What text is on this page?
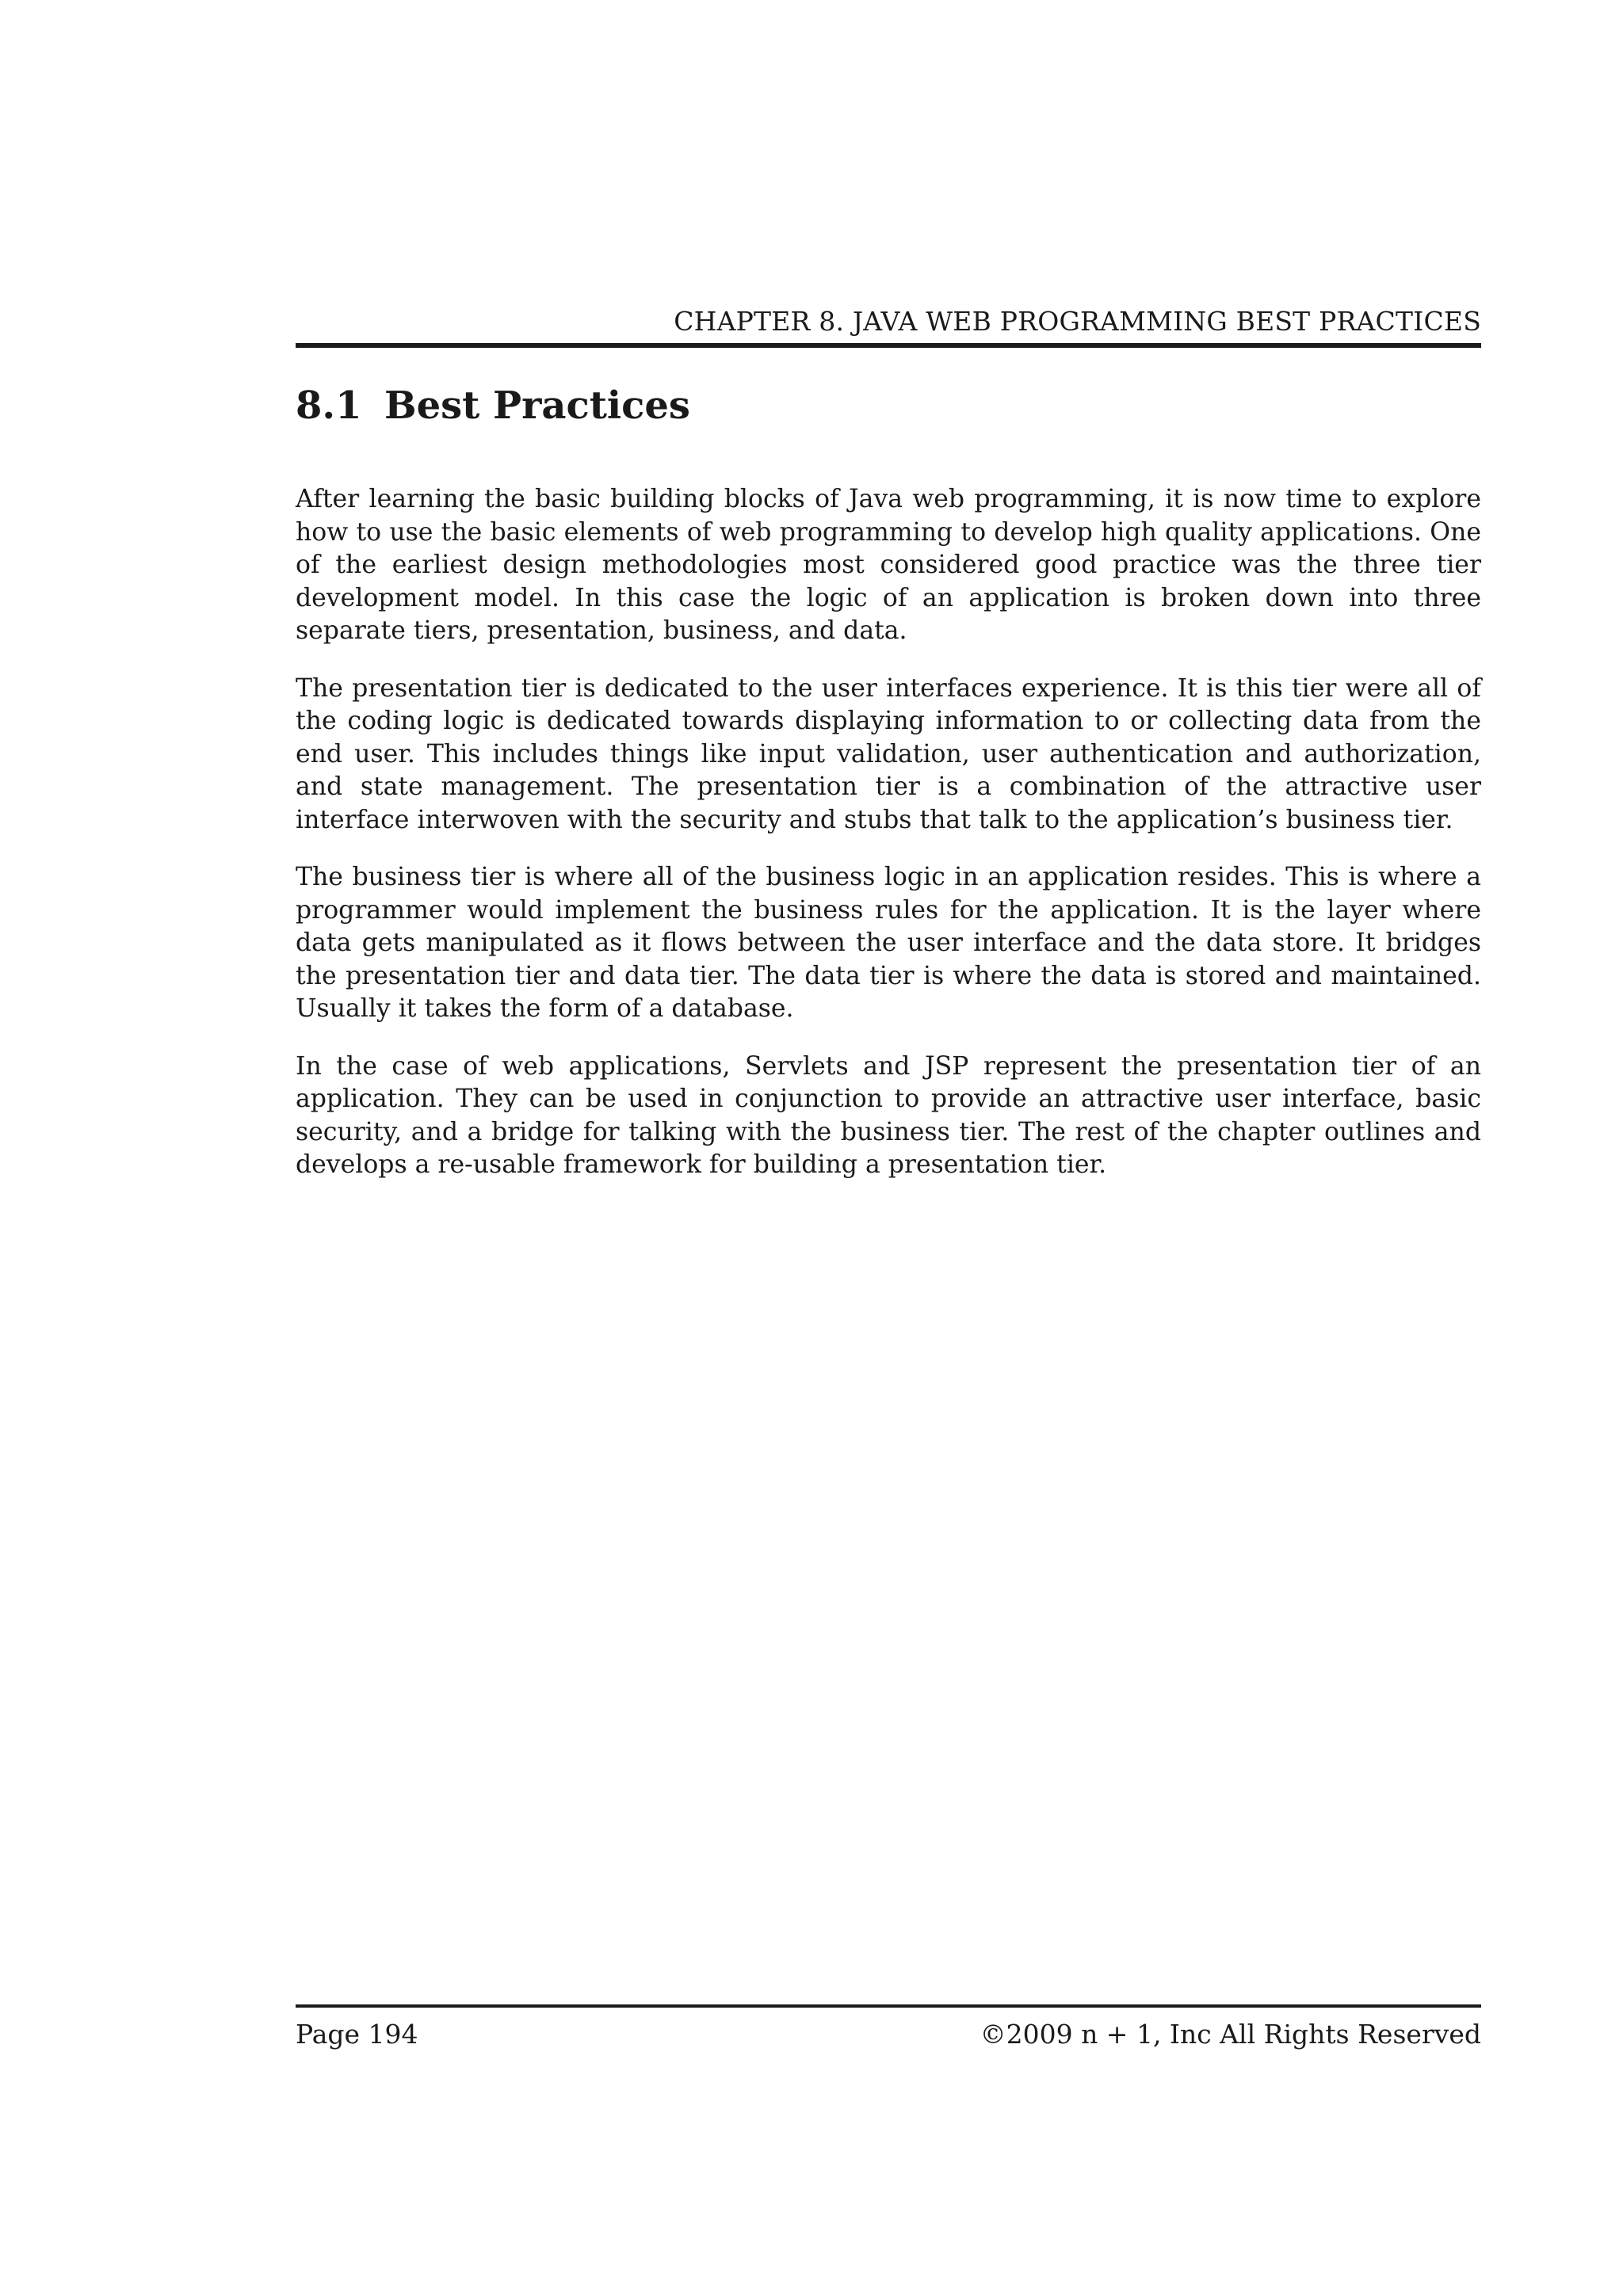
CHAPTER 8. JAVA WEB PROGRAMMING BEST PRACTICES
8.1 Best Practices

After learning the basic building blocks of Java web programming, it is now time to explore how to use the basic elements of web programming to develop high quality applications. One of the earliest design methodologies most considered good practice was the three tier development model. In this case the logic of an application is broken down into three separate tiers, presentation, business, and data.

The presentation tier is dedicated to the user interfaces experience. It is this tier were all of the coding logic is dedicated towards displaying information to or collecting data from the end user. This includes things like input validation, user authentication and authorization, and state management. The presentation tier is a combination of the attractive user interface interwoven with the security and stubs that talk to the application’s business tier.

The business tier is where all of the business logic in an application resides. This is where a programmer would implement the business rules for the application. It is the layer where data gets manipulated as it flows between the user interface and the data store. It bridges the presentation tier and data tier. The data tier is where the data is stored and maintained. Usually it takes the form of a database.

In the case of web applications, Servlets and JSP represent the presentation tier of an application. They can be used in conjunction to provide an attractive user interface, basic security, and a bridge for talking with the business tier. The rest of the chapter outlines and develops a re-usable framework for building a presentation tier.

Page 194	©2009 n + 1, Inc All Rights Reserved
